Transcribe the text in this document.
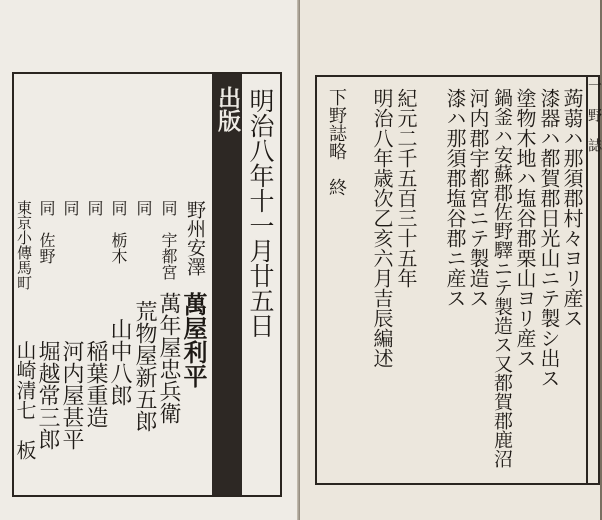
出版 明治八年十一月廿五日
野州安澤
萬屋利平
同　宇都宮
萬年屋忠兵衛
同
荒物屋新五郎
同　栃木
山中八郎
同
稲葉重造
同
河内屋甚平
同　佐野
堀越常三郎
東京小傳馬町
山崎清七　板
一 野 誌
蒟蒻ハ那須郡村々ヨリ産ス
漆器ハ都賀郡日光山ニテ製シ出ス
塗物木地ハ塩谷郡栗山ヨリ産ス
鍋釜ハ安蘇郡佐野驛ニテ製造ス又都賀郡鹿沼
河内郡宇都宮ニテ製造ス
漆ハ那須郡塩谷郡ニ産ス
紀元二千五百三十五年
明治八年歳次乙亥六月吉辰編述
下野誌略　終
